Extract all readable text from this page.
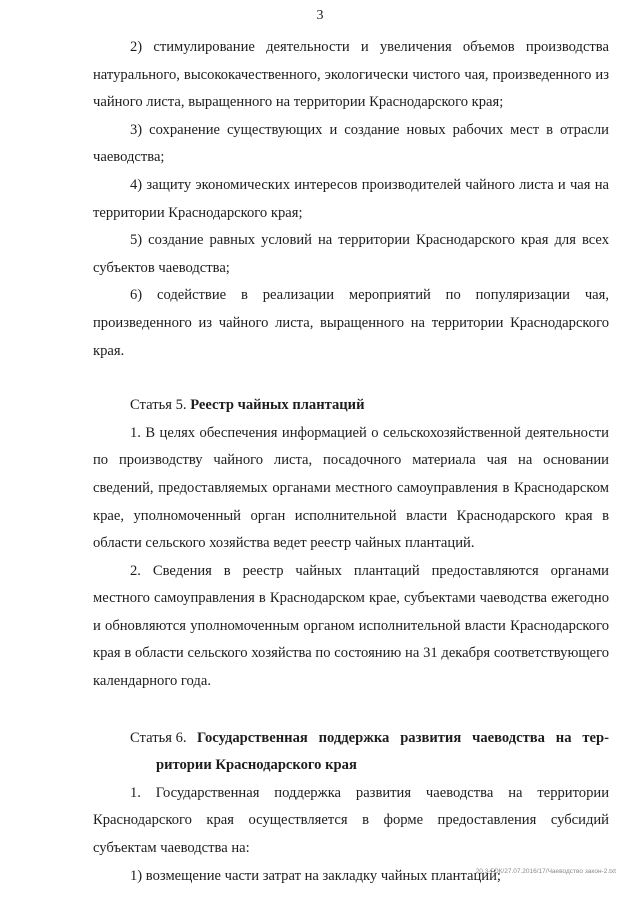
3

2) стимулирование деятельности и увеличения объемов производства натурального, высококачественного, экологически чистого чая, произведенного из чайного листа, выращенного на территории Краснодарского края;

3) сохранение существующих и создание новых рабочих мест в отрасли чаеводства;

4) защиту экономических интересов производителей чайного листа и чая на территории Краснодарского края;

5) создание равных условий на территории Краснодарского края для всех субъектов чаеводства;

6) содействие в реализации мероприятий по популяризации чая, произведенного из чайного листа, выращенного на территории Краснодарского края.

Статья 5. Реестр чайных плантаций

1. В целях обеспечения информацией о сельскохозяйственной деятельности по производству чайного листа, посадочного материала чая на основании сведений, предоставляемых органами местного самоуправления в Краснодарском крае, уполномоченный орган исполнительной власти Краснодарского края в области сельского хозяйства ведет реестр чайных плантаций.

2. Сведения в реестр чайных плантаций предоставляются органами местного самоуправления в Краснодарском крае, субъектами чаеводства ежегодно и обновляются уполномоченным органом исполнительной власти Краснодарского края в области сельского хозяйства по состоянию на 31 декабря соответствующего календарного года.

Статья 6. Государственная поддержка развития чаеводства на тер-

ритории Краснодарского края

1. Государственная поддержка развития чаеводства на территории Краснодарского края осуществляется в форме предоставления субсидий субъектам чаеводства на:

1) возмещение части затрат на закладку чайных плантаций;

20.3-ГОК/27.07.2016/17/Чаеводство закон-2.txt
